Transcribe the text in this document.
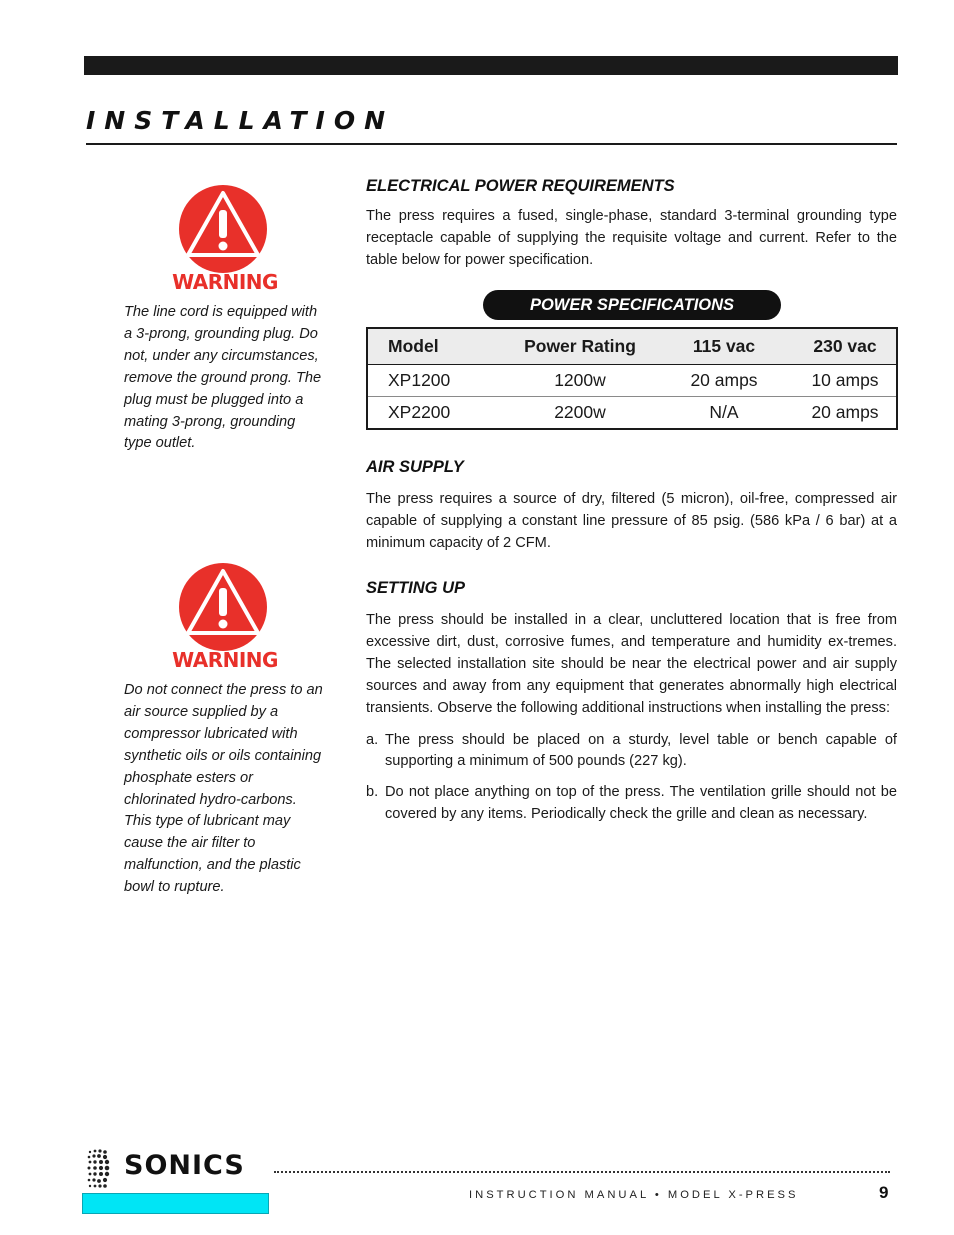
INSTALLATION
WARNING
The line cord is equipped with a 3-prong, grounding plug. Do not, under any circumstances, remove the ground prong. The plug must be plugged into a mating 3-prong, grounding type outlet.
WARNING
Do not connect the press to an air source supplied by a compressor lubricated with synthetic oils or oils containing phosphate esters or chlorinated hydro-carbons. This type of lubricant may cause the air filter to malfunction, and the plastic bowl to rupture.
ELECTRICAL POWER REQUIREMENTS

The press requires a fused, single-phase, standard 3-terminal grounding type receptacle capable of supplying the requisite voltage and current. Refer to the table below for power specification.

POWER SPECIFICATIONS
Model	Power Rating	115 vac	230 vac
XP1200	1200w	20 amps	10 amps
XP2200	2200w	N/A	20 amps
AIR SUPPLY

The press requires a source of dry, filtered (5 micron), oil-free, compressed air capable of supplying a constant line pressure of 85 psig. (586 kPa / 6 bar) at a minimum capacity of 2 CFM.

SETTING UP

The press should be installed in a clear, uncluttered location that is free from excessive dirt, dust, corrosive fumes, and temperature and humidity ex-tremes. The selected installation site should be near the electrical power and air supply sources and away from any equipment that generates abnormally high electrical transients. Observe the following additional instructions when installing the press:

a. The press should be placed on a sturdy, level table or bench capable of supporting a minimum of 500 pounds (227 kg).
b. Do not place anything on top of the press. The ventilation grille should not be covered by any items. Periodically check the grille and clean as necessary.
SONICS
INSTRUCTION MANUAL • MODEL X-PRESS	9
